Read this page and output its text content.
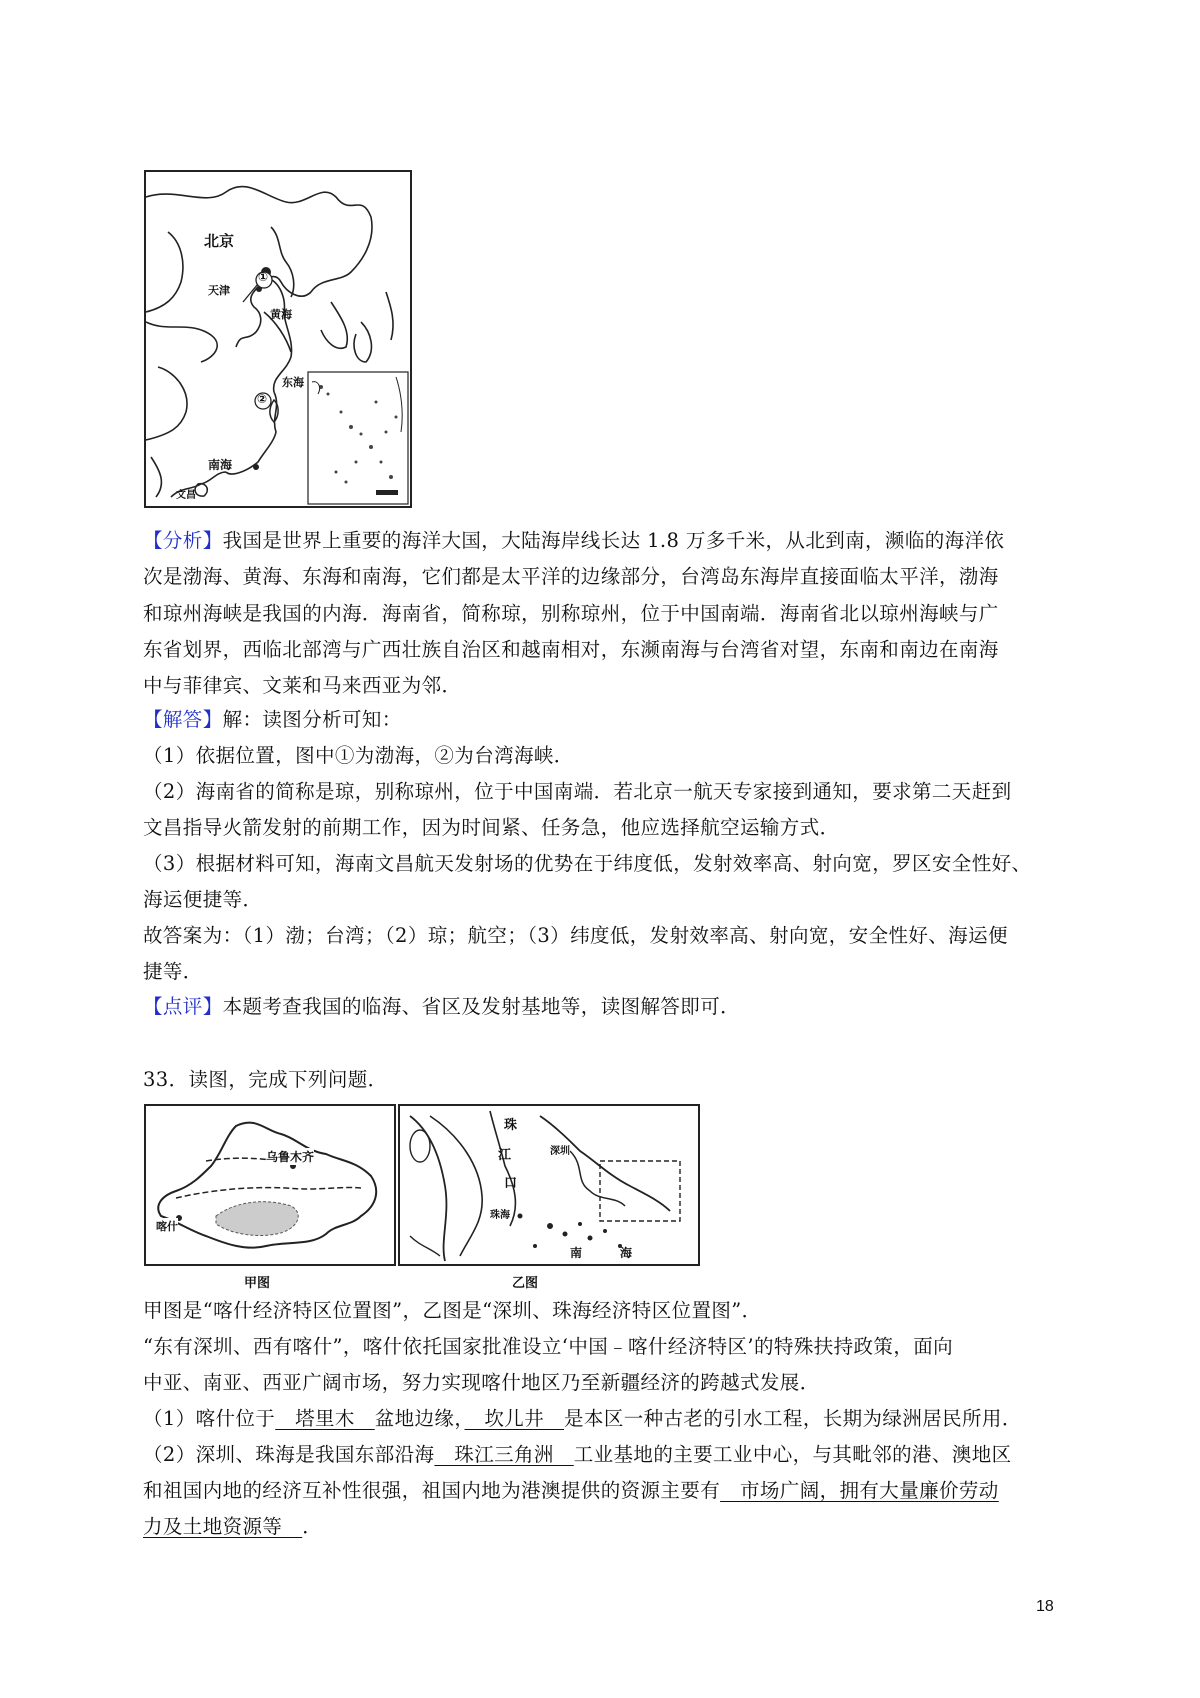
北京
天津
①
黄海
东海
②
南海
文昌
【分析】我国是世界上重要的海洋大国，大陆海岸线长达 1.8 万多千米，从北到南，濒临的海洋依
次是渤海、黄海、东海和南海，它们都是太平洋的边缘部分，台湾岛东海岸直接面临太平洋，渤海
和琼州海峡是我国的内海．海南省，简称琼，别称琼州，位于中国南端．海南省北以琼州海峡与广
东省划界，西临北部湾与广西壮族自治区和越南相对，东濒南海与台湾省对望，东南和南边在南海
中与菲律宾、文莱和马来西亚为邻．
【解答】解：读图分析可知：
（1）依据位置，图中①为渤海，②为台湾海峡．
（2）海南省的简称是琼，别称琼州，位于中国南端．若北京一航天专家接到通知，要求第二天赶到
文昌指导火箭发射的前期工作，因为时间紧、任务急，他应选择航空运输方式．
（3）根据材料可知，海南文昌航天发射场的优势在于纬度低，发射效率高、射向宽，罗区安全性好、
海运便捷等．
故答案为：（1）渤；台湾；（2）琼；航空；（3）纬度低，发射效率高、射向宽，安全性好、海运便
捷等．
【点评】本题考查我国的临海、省区及发射基地等，读图解答即可．
33．读图，完成下列问题．
乌鲁木齐
喀什
甲图
珠
江
口
深圳
珠海
南	海
乙图
甲图是“喀什经济特区位置图”，乙图是“深圳、珠海经济特区位置图”．
“东有深圳、西有喀什”，喀什依托国家批准设立‘中国﹣喀什经济特区’的特殊扶持政策，面向
中亚、南亚、西亚广阔市场，努力实现喀什地区乃至新疆经济的跨越式发展．
（1）喀什位于　塔里木　盆地边缘，　坎儿井　是本区一种古老的引水工程，长期为绿洲居民所用．
（2）深圳、珠海是我国东部沿海　珠江三角洲　工业基地的主要工业中心，与其毗邻的港、澳地区
和祖国内地的经济互补性很强，祖国内地为港澳提供的资源主要有　市场广阔，拥有大量廉价劳动
力及土地资源等　．
18
